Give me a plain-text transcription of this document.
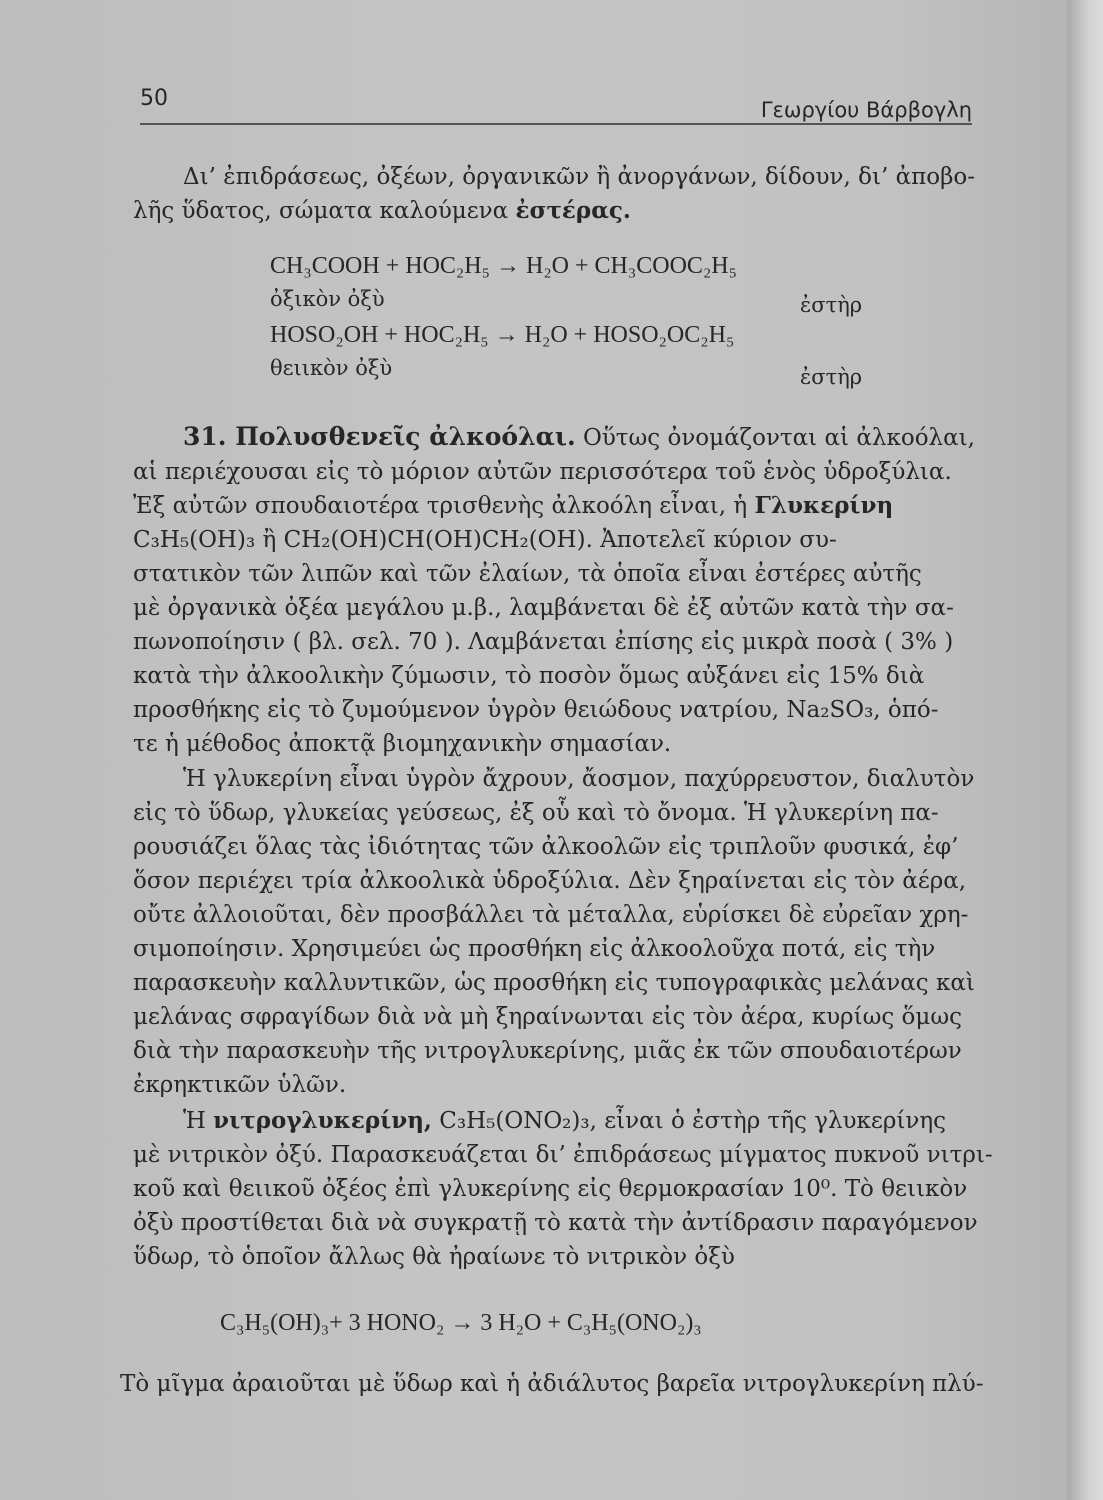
50	Γεωργίου Βάρβογλη
Δι’ ἐπιδράσεως, ὀξέων, ὀργανικῶν ἢ ἀνοργάνων, δίδουν, δι’ ἀποβο-
λῆς ὕδατος, σώματα καλούμενα ἐστέρας.
CH₃COOH + HOC₂H₅ → H₂O + CH₃COOC₂H₅
ὀξικὸν ὀξὺ	ἐστὴρ
HOSO₂OH + HOC₂H₅ → H₂O + HOSO₂OC₂H₅
θειικὸν ὀξὺ	ἐστὴρ
31. Πολυσθενεῖς ἀλκοόλαι. Οὕτως ὀνομάζονται αἱ ἀλκοόλαι,
αἱ περιέχουσαι εἰς τὸ μόριον αὐτῶν περισσότερα τοῦ ἑνὸς ὑδροξύλια.
Ἐξ αὐτῶν σπουδαιοτέρα τρισθενὴς ἀλκοόλη εἶναι, ἡ Γλυκερίνη
C₃H₅(OH)₃ ἢ CH₂(OH)CH(OH)CH₂(OH). Ἀποτελεῖ κύριον συ-
στατικὸν τῶν λιπῶν καὶ τῶν ἐλαίων, τὰ ὁποῖα εἶναι ἐστέρες αὐτῆς
μὲ ὀργανικὰ ὀξέα μεγάλου μ.β., λαμβάνεται δὲ ἐξ αὐτῶν κατὰ τὴν σα-
πωνοποίησιν ( βλ. σελ. 70 ). Λαμβάνεται ἐπίσης εἰς μικρὰ ποσὰ ( 3% )
κατὰ τὴν ἀλκοολικὴν ζύμωσιν, τὸ ποσὸν ὅμως αὐξάνει εἰς 15% διὰ
προσθήκης εἰς τὸ ζυμούμενον ὑγρὸν θειώδους νατρίου, Na₂SO₃, ὁπό-
τε ἡ μέθοδος ἀποκτᾷ βιομηχανικὴν σημασίαν.
Ἡ γλυκερίνη εἶναι ὑγρὸν ἄχρουν, ἄοσμον, παχύρρευστον, διαλυτὸν
εἰς τὸ ὕδωρ, γλυκείας γεύσεως, ἐξ οὗ καὶ τὸ ὄνομα. Ἡ γλυκερίνη πα-
ρουσιάζει ὅλας τὰς ἰδιότητας τῶν ἀλκοολῶν εἰς τριπλοῦν φυσικά, ἐφ’
ὅσον περιέχει τρία ἀλκοολικὰ ὑδροξύλια. Δὲν ξηραίνεται εἰς τὸν ἀέρα,
οὔτε ἀλλοιοῦται, δὲν προσβάλλει τὰ μέταλλα, εὑρίσκει δὲ εὐρεῖαν χρη-
σιμοποίησιν. Χρησιμεύει ὡς προσθήκη εἰς ἀλκοολοῦχα ποτά, εἰς τὴν
παρασκευὴν καλλυντικῶν, ὡς προσθήκη εἰς τυπογραφικὰς μελάνας καὶ
μελάνας σφραγίδων διὰ νὰ μὴ ξηραίνωνται εἰς τὸν ἀέρα, κυρίως ὅμως
διὰ τὴν παρασκευὴν τῆς νιτρογλυκερίνης, μιᾶς ἐκ τῶν σπουδαιοτέρων
ἐκρηκτικῶν ὑλῶν.
Ἡ νιτρογλυκερίνη, C₃H₅(ONO₂)₃, εἶναι ὁ ἐστὴρ τῆς γλυκερίνης
μὲ νιτρικὸν ὀξύ. Παρασκευάζεται δι’ ἐπιδράσεως μίγματος πυκνοῦ νιτρι-
κοῦ καὶ θειικοῦ ὀξέος ἐπὶ γλυκερίνης εἰς θερμοκρασίαν 10⁰. Τὸ θειικὸν
ὀξὺ προστίθεται διὰ νὰ συγκρατῇ τὸ κατὰ τὴν ἀντίδρασιν παραγόμενον
ὕδωρ, τὸ ὁποῖον ἄλλως θὰ ἠραίωνε τὸ νιτρικὸν ὀξὺ
C₃H₅(OH)₃+ 3 HONO₂ → 3 H₂O + C₃H₅(ONO₂)₃
Τὸ μῖγμα ἀραιοῦται μὲ ὕδωρ καὶ ἡ ἀδιάλυτος βαρεῖα νιτρογλυκερίνη πλύ-
